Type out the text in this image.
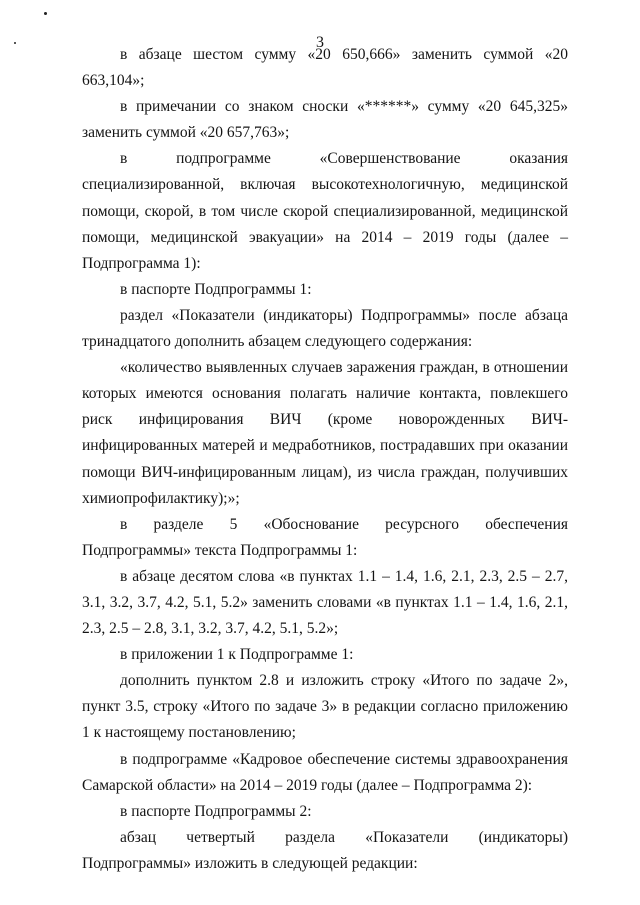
3

в абзаце шестом сумму «20 650,666» заменить суммой «20 663,104»;

в примечании со знаком сноски «******» сумму «20 645,325» заменить суммой «20 657,763»;

в подпрограмме «Совершенствование оказания специализированной, включая высокотехнологичную, медицинской помощи, скорой, в том числе скорой специализированной, медицинской помощи, медицинской эвакуации» на 2014 – 2019 годы (далее – Подпрограмма 1):

в паспорте Подпрограммы 1:

раздел «Показатели (индикаторы) Подпрограммы» после абзаца тринадцатого дополнить абзацем следующего содержания:

«количество выявленных случаев заражения граждан, в отношении которых имеются основания полагать наличие контакта, повлекшего риск инфицирования ВИЧ (кроме новорожденных ВИЧ-инфицированных матерей и медработников, пострадавших при оказании помощи ВИЧ-инфицированным лицам), из числа граждан, получивших химиопрофилактику);»;

в разделе 5 «Обоснование ресурсного обеспечения Подпрограммы» текста Подпрограммы 1:

в абзаце десятом слова «в пунктах 1.1 – 1.4, 1.6, 2.1, 2.3, 2.5 – 2.7, 3.1, 3.2, 3.7, 4.2, 5.1, 5.2» заменить словами «в пунктах 1.1 – 1.4, 1.6, 2.1, 2.3, 2.5 – 2.8, 3.1, 3.2, 3.7, 4.2, 5.1, 5.2»;

в приложении 1 к Подпрограмме 1:

дополнить пунктом 2.8 и изложить строку «Итого по задаче 2», пункт 3.5, строку «Итого по задаче 3» в редакции согласно приложению 1 к настоящему постановлению;

в подпрограмме «Кадровое обеспечение системы здравоохранения Самарской области» на 2014 – 2019 годы (далее – Подпрограмма 2):

в паспорте Подпрограммы 2:

абзац четвертый раздела «Показатели (индикаторы) Подпрограммы» изложить в следующей редакции:
